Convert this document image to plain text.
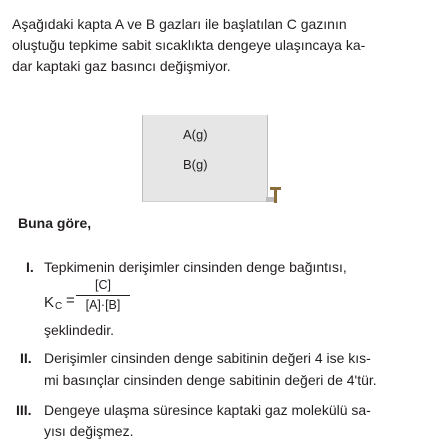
Aşağıdaki kapta A ve B gazları ile başlatılan C gazının
oluştuğu tepkime sabit sıcaklıkta dengeye ulaşıncaya ka-
dar kaptaki gaz basıncı değişmiyor.
A(g)
B(g)
Buna göre,
I. Tepkimenin derişimler cinsinden denge bağıntısı,
K C =
[C]
[A]·[B]
şeklindedir.
II. Derişimler cinsinden denge sabitinin değeri 4 ise kıs-
mi basınçlar cinsinden denge sabitinin değeri de 4'tür.
III. Dengeye ulaşma süresince kaptaki gaz molekülü sa-
yısı değişmez.
